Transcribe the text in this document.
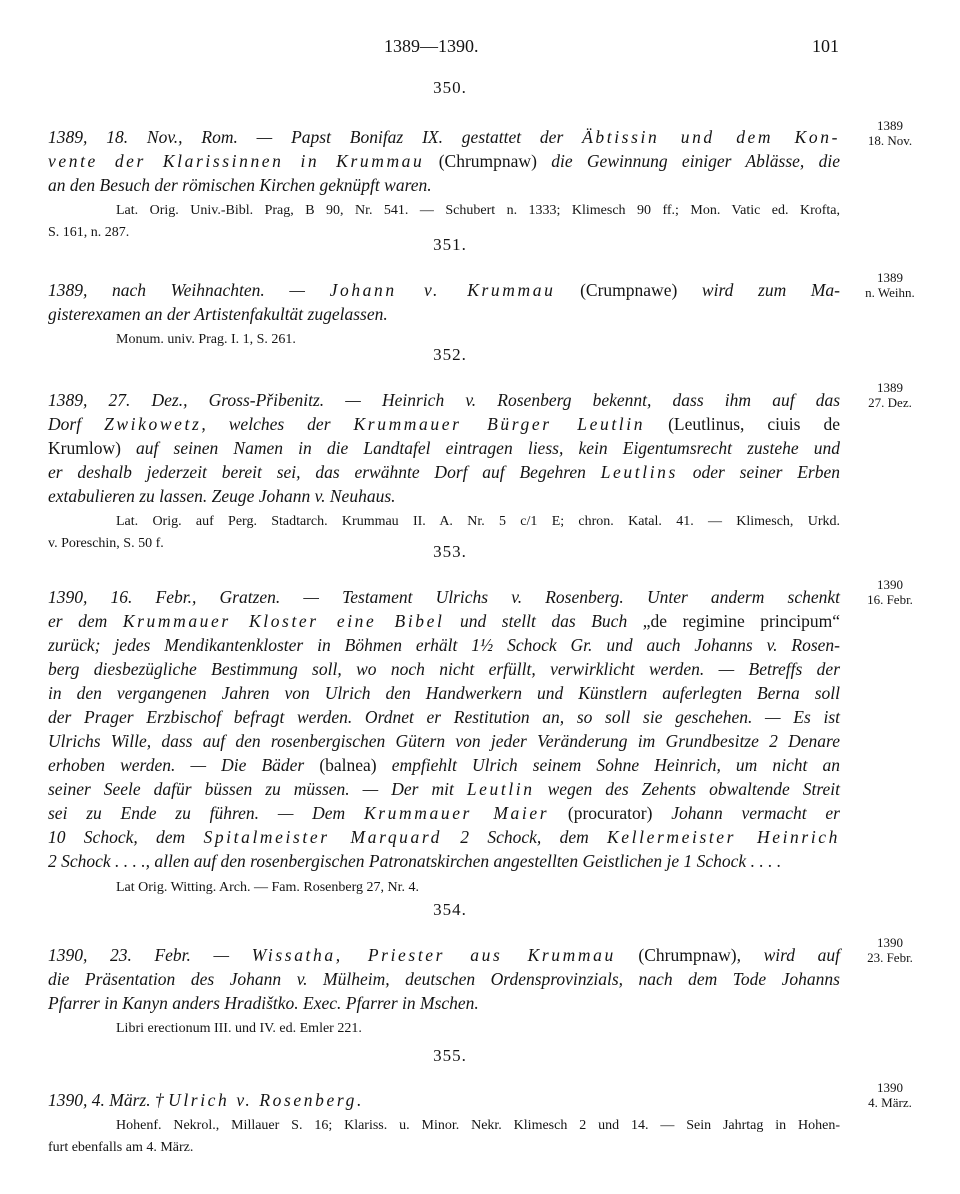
1389—1390.	101
350.
1389
18. Nov.
1389, 18. Nov., Rom. — Papst Bonifaz IX. gestattet der Äbtissin und dem Kon-
vente der Klarissinnen in Krummau (Chrumpnaw) die Gewinnung einiger Ablässe, die
an den Besuch der römischen Kirchen geknüpft waren.
Lat. Orig. Univ.-Bibl. Prag, B 90, Nr. 541. — Schubert n. 1333; Klimesch 90 ff.; Mon. Vatic ed. Krofta,
S. 161, n. 287.
351.
1389
n. Weihn.
1389, nach Weihnachten. — Johann v. Krummau (Crumpnawe) wird zum Ma-
gisterexamen an der Artistenfakultät zugelassen.
Monum. univ. Prag. I. 1, S. 261.
352.
1389
27. Dez.
1389, 27. Dez., Gross-Přibenitz. — Heinrich v. Rosenberg bekennt, dass ihm auf das
Dorf Zwikowetz, welches der Krummauer Bürger Leutlin (Leutlinus, ciuis de
Krumlow) auf seinen Namen in die Landtafel eintragen liess, kein Eigentumsrecht zustehe und
er deshalb jederzeit bereit sei, das erwähnte Dorf auf Begehren Leutlins oder seiner Erben
extabulieren zu lassen. Zeuge Johann v. Neuhaus.
Lat. Orig. auf Perg. Stadtarch. Krummau II. A. Nr. 5 c/1 E; chron. Katal. 41. — Klimesch, Urkd.
v. Poreschin, S. 50 f.	353.
1390
16. Febr.
1390, 16. Febr., Gratzen. — Testament Ulrichs v. Rosenberg. Unter anderm schenkt
er dem Krummauer Kloster eine Bibel und stellt das Buch „de regimine principum“
zurück; jedes Mendikantenkloster in Böhmen erhält 1½ Schock Gr. und auch Johanns v. Rosen-
berg diesbezügliche Bestimmung soll, wo noch nicht erfüllt, verwirklicht werden. — Betreffs der
in den vergangenen Jahren von Ulrich den Handwerkern und Künstlern auferlegten Berna soll
der Prager Erzbischof befragt werden. Ordnet er Restitution an, so soll sie geschehen. — Es ist
Ulrichs Wille, dass auf den rosenbergischen Gütern von jeder Veränderung im Grundbesitze 2 Denare
erhoben werden. — Die Bäder (balnea) empfiehlt Ulrich seinem Sohne Heinrich, um nicht an
seiner Seele dafür büssen zu müssen. — Der mit Leutlin wegen des Zehents obwaltende Streit
sei zu Ende zu führen. — Dem Krummauer Maier (procurator) Johann vermacht er
10 Schock, dem Spitalmeister Marquard 2 Schock, dem Kellermeister Heinrich
2 Schock . . . ., allen auf den rosenbergischen Patronatskirchen angestellten Geistlichen je 1 Schock . . . .
Lat Orig. Witting. Arch. — Fam. Rosenberg 27, Nr. 4.
354.
1390
23. Febr.
1390, 23. Febr. — Wissatha, Priester aus Krummau (Chrumpnaw), wird auf
die Präsentation des Johann v. Mülheim, deutschen Ordensprovinzials, nach dem Tode Johanns
Pfarrer in Kanyn anders Hradištko. Exec. Pfarrer in Mschen.
Libri erectionum III. und IV. ed. Emler 221.
355.
1390
4. März.
1390, 4. März. † Ulrich v. Rosenberg.
Hohenf. Nekrol., Millauer S. 16; Klariss. u. Minor. Nekr. Klimesch 2 und 14. — Sein Jahrtag in Hohen-
furt ebenfalls am 4. März.
